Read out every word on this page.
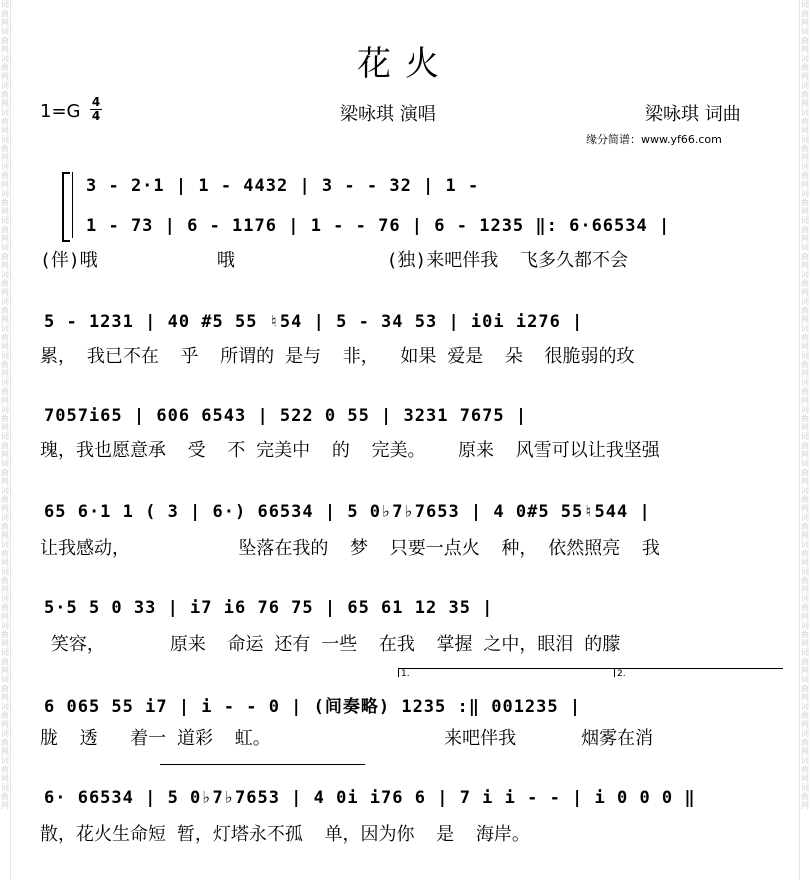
词曲网词曲网词曲网词曲网词曲网词曲网词曲网词曲网词曲网词曲网词曲网词曲网词曲网词曲网词曲网词曲网词曲网词曲网词曲网词曲网词曲网词曲网词曲网词曲网词曲网词曲网词曲网词曲网词曲网词曲网
词曲网词曲网词曲网词曲网词曲网词曲网词曲网词曲网词曲网词曲网词曲网词曲网词曲网词曲网词曲网词曲网词曲网词曲网词曲网词曲网词曲网词曲网词曲网词曲网词曲网词曲网词曲网词曲网词曲网词曲网
花火
1=G 4
4	梁咏琪 演唱	梁咏琪 词曲
缘分简谱：www.yf66.com
3 - 2·1 | 1 - 4432 | 3 - - 32 | 1 -
1 - 73 | 6 - 1176 | 1 - - 76 | 6 - 1235 ‖: 6·66534 |
(伴)哦           哦              (独)来吧伴我  飞多久都不会
5 - 1231 | 40 #5 55 ♮54 | 5 - 34 53 | i0i i276 |
累， 我已不在  乎  所谓的 是与  非，  如果 爱是  朵  很脆弱的玫
7057i65 | 606 6543 | 522 0 55 | 3231 7675 |
瑰，我也愿意承  受  不 完美中  的  完美。   原来  风雪可以让我坚强
65 6·1 1 ( 3 | 6·) 66534 | 5 0♭7♭7653 | 4 0#5 55♮544 |
让我感动，          坠落在我的  梦  只要一点火  种， 依然照亮  我
5·5 5 0 33 | i7 i6 76 75 | 65 61 12 35 |
笑容，      原来  命运 还有 一些  在我  掌握 之中，眼泪 的朦
1.	2.
6 065 55 i7 | i - - 0 | (间奏略) 1235 :‖ 001235 |
胧  透   着一 道彩  虹。                来吧伴我      烟雾在消
6· 66534 | 5 0♭7♭7653 | 4 0i i76 6 | 7 i i - - | i 0 0 0 ‖
散，花火生命短 暂，灯塔永不孤  单，因为你  是  海岸。
